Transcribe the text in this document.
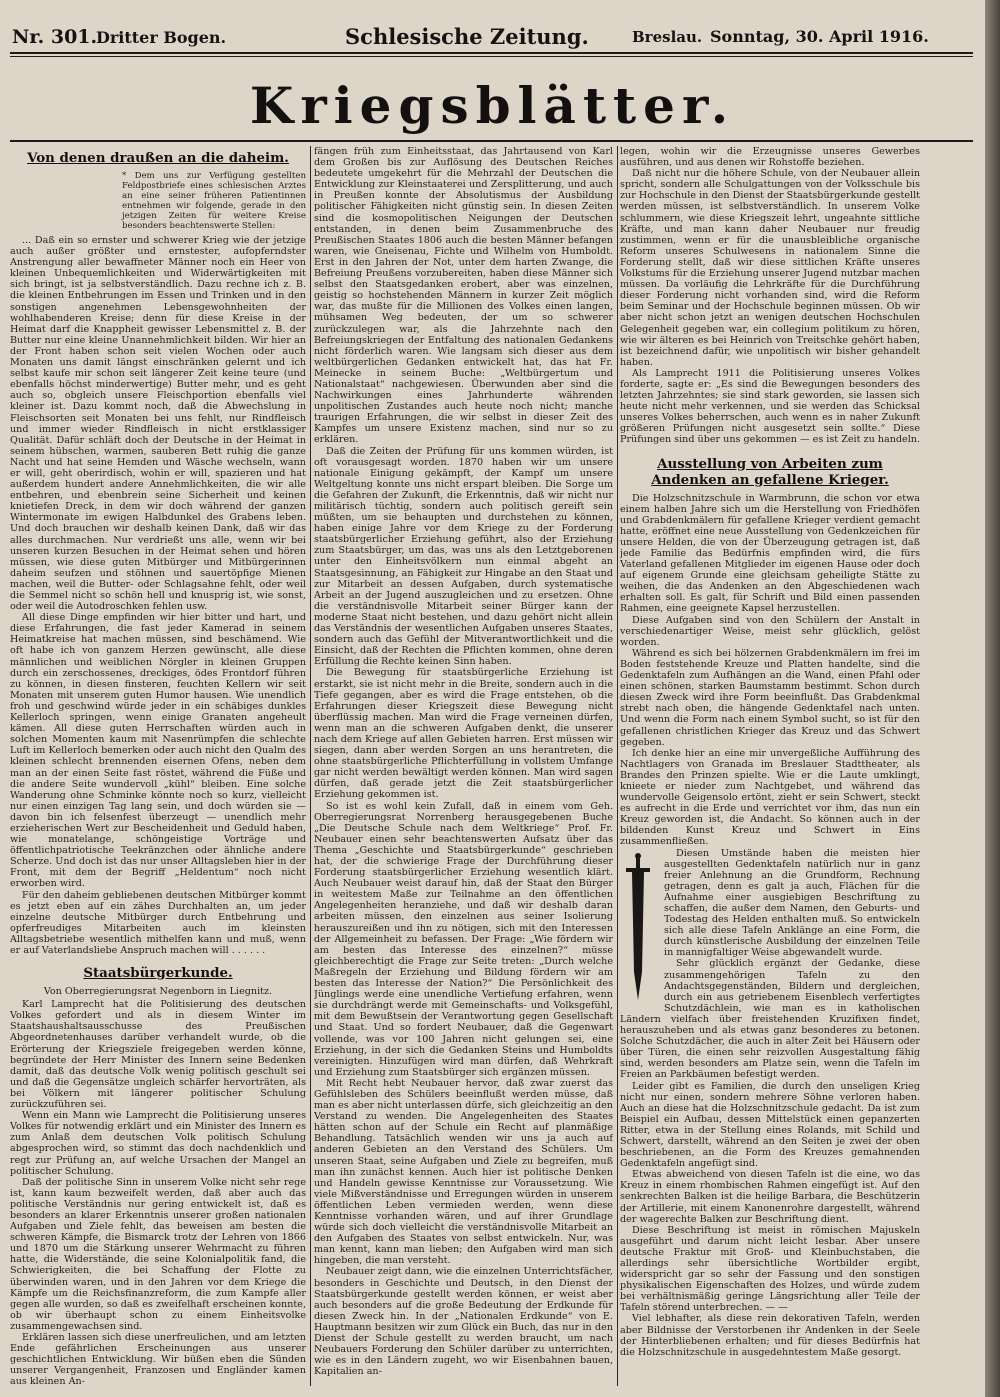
Nr. 301.
Dritter Bogen.	Schlesische Zeitung.	Breslau. Sonntag, 30. April 1916.
Kriegsblätter.
Von denen draußen an die daheim.

* Dem uns zur Verfügung gestellten Feldpostbriefe eines schlesischen Arztes an eine seiner früheren Patientinnen entnehmen wir folgende, gerade in den jetzigen Zeiten für weitere Kreise besonders beachtenswerte Stellen:

... Daß ein so ernster und schwerer Krieg wie der jetzige auch außer größter und ernstester, aufopferndster Anstrengung aller bewaffneter Männer noch ein Heer von kleinen Unbequemlichkeiten und Widerwärtigkeiten mit sich bringt, ist ja selbstverständlich. Dazu rechne ich z. B. die kleinen Entbehrungen im Essen und Trinken und in den sonstigen angenehmen Lebensgewohnheiten der wohlhabenderen Kreise; denn für diese Kreise in der Heimat darf die Knappheit gewisser Lebensmittel z. B. der Butter nur eine kleine Unannehmlichkeit bilden. Wir hier an der Front haben schon seit vielen Wochen oder auch Monaten uns damit längst einschränken gelernt und ich selbst kaufe mir schon seit längerer Zeit keine teure (und ebenfalls höchst minderwertige) Butter mehr, und es geht auch so, obgleich unsere Fleischportion ebenfalls viel kleiner ist. Dazu kommt noch, daß die Abwechslung in Fleischsorten seit Monaten bei uns fehlt, nur Rindfleisch und immer wieder Rindfleisch in nicht erstklassiger Qualität. Dafür schläft doch der Deutsche in der Heimat in seinem hübschen, warmen, sauberen Bett ruhig die ganze Nacht und hat seine Hemden und Wäsche wechseln, wann er will, geht oberirdisch, wohin er will, spazieren und hat außerdem hundert andere Annehmlichkeiten, die wir alle entbehren, und ebenbrein seine Sicherheit und keinen knietiefen Dreck, in dem wir doch während der ganzen Wintermonate im ewigen Halbdunkel des Grabens leben. Und doch brauchen wir deshalb keinen Dank, daß wir das alles durchmachen. Nur verdrießt uns alle, wenn wir bei unseren kurzen Besuchen in der Heimat sehen und hören müssen, wie diese guten Mitbürger und Mitbürgerinnen daheim seufzen und stöhnen und sauertöpfige Mienen machen, weil die Butter- oder Schlagsahne fehlt, oder weil die Semmel nicht so schön hell und knusprig ist, wie sonst, oder weil die Autodroschken fehlen usw.

All diese Dinge empfinden wir hier bitter und hart, und diese Erfahrungen, die fast jeder Kamerad in seinem Heimatkreise hat machen müssen, sind beschämend. Wie oft habe ich von ganzem Herzen gewünscht, alle diese männlichen und weiblichen Nörgler in kleinen Gruppen durch ein zerschossenes, dreckiges, ödes Frontdorf führen zu können, in diesen finsteren, feuchten Kellern wir seit Monaten mit unserem guten Humor hausen. Wie unendlich froh und geschwind würde jeder in ein schäbiges dunkles Kellerloch springen, wenn einige Granaten angeheult kämen. All diese guten Herrschaften würden auch in solchen Momenten kaum mit Nasenrümpfen die schlechte Luft im Kellerloch bemerken oder auch nicht den Qualm des kleinen schlecht brennenden eisernen Ofens, neben dem man an der einen Seite fast röstet, während die Füße und die andere Seite wundervoll „kühl“ bleiben. Eine solche Wanderung ohne Schminke könnte noch so kurz, vielleicht nur einen einzigen Tag lang sein, und doch würden sie — davon bin ich felsenfest überzeugt — unendlich mehr erzieherischen Wert zur Bescheidenheit und Geduld haben, wie monatelange, schöngeistige Vorträge und öffentlichpatriotische Teekränzchen oder ähnliche andere Scherze. Und doch ist das nur unser Alltagsleben hier in der Front, mit dem der Begriff „Heldentum“ noch nicht erworben wird.

Für den daheim gebliebenen deutschen Mitbürger kommt es jetzt eben auf ein zähes Durchhalten an, um jeder einzelne deutsche Mitbürger durch Entbehrung und opferfreudiges Mitarbeiten auch im kleinsten Alltagsbetriebe wesentlich mithelfen kann und muß, wenn er auf Vaterlandsliebe Anspruch machen will . . . . . .

Staatsbürgerkunde.

Von Oberregierungsrat Negenborn in Liegnitz.

Karl Lamprecht hat die Politisierung des deutschen Volkes gefordert und als in diesem Winter im Staatshaushaltsausschusse des Preußischen Abgeordnetenhauses darüber verhandelt wurde, ob die Erörterung der Kriegsziele freigegeben werden könne, begründete der Herr Minister des Innern seine Bedenken damit, daß das deutsche Volk wenig politisch geschult sei und daß die Gegensätze ungleich schärfer hervorträten, als bei Völkern mit längerer politischer Schulung zurückzuführen sei.

Wenn ein Mann wie Lamprecht die Politisierung unseres Volkes für notwendig erklärt und ein Minister des Innern es zum Anlaß dem deutschen Volk politisch Schulung abgesprochen wird, so stimmt das doch nachdenklich und regt zur Prüfung an, auf welche Ursachen der Mangel an politischer Schulung.

Daß der politische Sinn in unserem Volke nicht sehr rege ist, kann kaum bezweifelt werden, daß aber auch das politische Verständnis nur gering entwickelt ist, daß es besonders an klarer Erkenntnis unserer großen nationalen Aufgaben und Ziele fehlt, das beweisen am besten die schweren Kämpfe, die Bismarck trotz der Lehren von 1866 und 1870 um die Stärkung unserer Wehrmacht zu führen hatte, die Widerstände, die seine Kolonialpolitik fand, die Schwierigkeiten, die bei Schaffung der Flotte zu überwinden waren, und in den Jahren vor dem Kriege die Kämpfe um die Reichsfinanzreform, die zum Kampfe aller gegen alle wurden, so daß es zweifelhaft erscheinen konnte, ob wir überhaupt schon zu einem Einheitsvolke zusammengewachsen sind.

Erklären lassen sich diese unerfreulichen, und am letzten Ende gefährlichen Erscheinungen aus unserer geschichtlichen Entwicklung. Wir büßen eben die Sünden unserer Vergangenheit, Franzosen und Engländer kamen aus kleinen An-

fängen früh zum Einheitsstaat, das Jahrtausend von Karl dem Großen bis zur Auflösung des Deutschen Reiches bedeutete umgekehrt für die Mehrzahl der Deutschen die Entwicklung zur Kleinstaaterei und Zersplitterung, und auch in Preußen konnte der Absolutismus der Ausbildung politischer Fähigkeiten nicht günstig sein. In diesen Zeiten sind die kosmopolitischen Neigungen der Deutschen entstanden, in denen beim Zusammenbruche des Preußischen Staates 1806 auch die besten Männer befangen waren, wie Gneisenau, Fichte und Wilhelm von Humboldt. Erst in den Jahren der Not, unter dem harten Zwange, die Befreiung Preußens vorzubereiten, haben diese Männer sich selbst den Staatsgedanken erobert, aber was einzelnen, geistig so hochstehenden Männern in kurzer Zeit möglich war, das mußte für die Millionen des Volkes einen langen, mühsamen Weg bedeuten, der um so schwerer zurückzulegen war, als die Jahrzehnte nach den Befreiungskriegen der Entfaltung des nationalen Gedankens nicht förderlich waren. Wie langsam sich dieser aus dem weltbürgerlichen Gedanken entwickelt hat, das hat Fr. Meinecke in seinem Buche: „Weltbürgertum und Nationalstaat“ nachgewiesen. Überwunden aber sind die Nachwirkungen eines Jahrhunderte währenden unpolitischen Zustandes auch heute noch nicht; manche traurigen Erfahrungen, die wir selbst in dieser Zeit des Kampfes um unsere Existenz machen, sind nur so zu erklären.

Daß die Zeiten der Prüfung für uns kommen würden, ist oft vorausgesagt worden. 1870 haben wir um unsere nationale Einigung gekämpft, der Kampf um unsere Weltgeltung konnte uns nicht erspart bleiben. Die Sorge um die Gefahren der Zukunft, die Erkenntnis, daß wir nicht nur militärisch tüchtig, sondern auch politisch gereift sein müßten, um sie behaupten und durchstehen zu können, haben einige Jahre vor dem Kriege zu der Forderung staatsbürgerlicher Erziehung geführt, also der Erziehung zum Staatsbürger, um das, was uns als den Letztgeborenen unter den Einheitsvölkern nun einmal abgeht an Staatsgesinnung, an Fähigkeit zur Hingabe an den Staat und zur Mitarbeit an dessen Aufgaben, durch systematische Arbeit an der Jugend auszugleichen und zu ersetzen. Ohne die verständnisvolle Mitarbeit seiner Bürger kann der moderne Staat nicht bestehen, und dazu gehört nicht allein das Verständnis der wesentlichen Aufgaben unseres Staates, sondern auch das Gefühl der Mitverantwortlichkeit und die Einsicht, daß der Rechten die Pflichten kommen, ohne deren Erfüllung die Rechte keinen Sinn haben.

Die Bewegung für staatsbürgerliche Erziehung ist erstarkt, sie ist nicht mehr in die Breite, sondern auch in die Tiefe gegangen, aber es wird die Frage entstehen, ob die Erfahrungen dieser Kriegszeit diese Bewegung nicht überflüssig machen. Man wird die Frage verneinen dürfen, wenn man an die schweren Aufgaben denkt, die unserer nach dem Kriege auf allen Gebieten harren. Erst müssen wir siegen, dann aber werden Sorgen an uns herantreten, die ohne staatsbürgerliche Pflichterfüllung in vollstem Umfange gar nicht werden bewältigt werden können. Man wird sagen dürfen, daß gerade jetzt die Zeit staatsbürgerlicher Erziehung gekommen ist.

So ist es wohl kein Zufall, daß in einem vom Geh. Oberregierungsrat Norrenberg herausgegebenen Buche „Die Deutsche Schule nach dem Weltkriege“ Prof. Fr. Neubauer einen sehr beachtenswerten Aufsatz über das Thema „Geschichte und Staatsbürgerkunde“ geschrieben hat, der die schwierige Frage der Durchführung dieser Forderung staatsbürgerlicher Erziehung wesentlich klärt. Auch Neubauer weist darauf hin, daß der Staat den Bürger in weitestem Maße zur Teilnahme an den öffentlichen Angelegenheiten heranziehe, und daß wir deshalb daran arbeiten müssen, den einzelnen aus seiner Isolierung herauszureißen und ihn zu nötigen, sich mit den Interessen der Allgemeinheit zu befassen. Der Frage: „Wie fördern wir am besten das Interesse des einzelnen?“ müsse gleichberechtigt die Frage zur Seite treten: „Durch welche Maßregeln der Erziehung und Bildung fördern wir am besten das Interesse der Nation?“ Die Persönlichkeit des Jünglings werde eine unendliche Vertiefung erfahren, wenn sie durchdrängt werde mit Gemeinschafts- und Volksgefühl, mit dem Bewußtsein der Verantwortung gegen Gesellschaft und Staat. Und so fordert Neubauer, daß die Gegenwart vollende, was vor 100 Jahren nicht gelungen sei, eine Erziehung, in der sich die Gedanken Steins und Humboldts vereinigten. Hinzufügen wird man dürfen, daß Wehrkraft und Erziehung zum Staatsbürger sich ergänzen müssen.

Mit Recht hebt Neubauer hervor, daß zwar zuerst das Gefühlsleben des Schülers beeinflußt werden müsse, daß man es aber nicht unterlassen dürfe, sich gleichzeitig an den Verstand zu wenden. Die Angelegenheiten des Staates hätten schon auf der Schule ein Recht auf planmäßige Behandlung. Tatsächlich wenden wir uns ja auch auf anderen Gebieten an den Verstand des Schülers. Um unseren Staat, seine Aufgaben und Ziele zu begreifen, muß man ihn zunächst kennen. Auch hier ist politische Denken und Handeln gewisse Kenntnisse zur Voraussetzung. Wie viele Mißverständnisse und Erregungen würden in unserem öffentlichen Leben vermieden werden, wenn diese Kenntnisse vorhanden wären, und auf ihrer Grundlage würde sich doch vielleicht die verständnisvolle Mitarbeit an den Aufgaben des Staates von selbst entwickeln. Nur, was man kennt, kann man lieben; den Aufgaben wird man sich hingeben, die man versteht.

Neubauer zeigt dann, wie die einzelnen Unterrichtsfächer, besonders in Geschichte und Deutsch, in den Dienst der Staatsbürgerkunde gestellt werden können, er weist aber auch besonders auf die große Bedeutung der Erdkunde für diesen Zweck hin. In der „Nationalen Erdkunde“ von E. Hauptmann besitzen wir zum Glück ein Buch, das nur in den Dienst der Schule gestellt zu werden braucht, um nach Neubauers Forderung den Schüler darüber zu unterrichten, wie es in den Ländern zugeht, wo wir Eisenbahnen bauen, Kapitalien an-

legen, wohin wir die Erzeugnisse unseres Gewerbes ausführen, und aus denen wir Rohstoffe beziehen.

Daß nicht nur die höhere Schule, von der Neubauer allein spricht, sondern alle Schulgattungen von der Volksschule bis zur Hochschule in den Dienst der Staatsbürgerkunde gestellt werden müssen, ist selbstverständlich. In unserem Volke schlummern, wie diese Kriegszeit lehrt, ungeahnte sittliche Kräfte, und man kann daher Neubauer nur freudig zustimmen, wenn er für die unausbleibliche organische Reform unseres Schulwesens in nationalem Sinne die Forderung stellt, daß wir diese sittlichen Kräfte unseres Volkstums für die Erziehung unserer Jugend nutzbar machen müssen. Da vorläufig die Lehrkräfte für die Durchführung dieser Forderung nicht vorhanden sind, wird die Reform beim Seminar und der Hochschule beginnen müssen. Ob wir aber nicht schon jetzt an wenigen deutschen Hochschulen Gelegenheit gegeben war, ein collegium politikum zu hören, wie wir älteren es bei Heinrich von Treitschke gehört haben, ist bezeichnend dafür, wie unpolitisch wir bisher gehandelt haben.

Als Lamprecht 1911 die Politisierung unseres Volkes forderte, sagte er: „Es sind die Bewegungen besonders des letzten Jahrzehntes; sie sind stark geworden, sie lassen sich heute nicht mehr verkennen, und sie werden das Schicksal unseres Volkes beherrschen, auch wenn es in naher Zukunft größeren Prüfungen nicht ausgesetzt sein sollte.“ Diese Prüfungen sind über uns gekommen — es ist Zeit zu handeln.

Ausstellung von Arbeiten zum Andenken an gefallene Krieger.

Die Holzschnitzschule in Warmbrunn, die schon vor etwa einem halben Jahre sich um die Herstellung von Friedhöfen und Grabdenkmälern für gefallene Krieger verdient gemacht hatte, eröffnet eine neue Ausstellung von Gedenkzeichen für unsere Helden, die von der Überzeugung getragen ist, daß jede Familie das Bedürfnis empfinden wird, die fürs Vaterland gefallenen Mitglieder im eigenen Hause oder doch auf eigenem Grunde eine gleichsam geheiligte Stätte zu weihen, die das Andenken an den Abgeschiedenen wach erhalten soll. Es galt, für Schrift und Bild einen passenden Rahmen, eine geeignete Kapsel herzustellen.

Diese Aufgaben sind von den Schülern der Anstalt in verschiedenartiger Weise, meist sehr glücklich, gelöst worden.

Während es sich bei hölzernen Grabdenkmälern im frei im Boden feststehende Kreuze und Platten handelte, sind die Gedenktafeln zum Aufhängen an die Wand, einen Pfahl oder einen schönen, starken Baumstamm bestimmt. Schon durch diesen Zweck wird ihre Form beeinflußt. Das Grabdenkmal strebt nach oben, die hängende Gedenktafel nach unten. Und wenn die Form nach einem Symbol sucht, so ist für den gefallenen christlichen Krieger das Kreuz und das Schwert gegeben.

Ich denke hier an eine mir unvergeßliche Aufführung des Nachtlagers von Granada im Breslauer Stadttheater, als Brandes den Prinzen spielte. Wie er die Laute umklingt, knieete er nieder zum Nachtgebet, und während das wundervolle Geigensolo ertönt, zieht er sein Schwert, steckt es aufrecht in die Erde und verrichtet vor ihm, das nun ein Kreuz geworden ist, die Andacht. So können auch in der bildenden Kunst Kreuz und Schwert in Eins zusammenfließen.

Diesen Umstände haben die meisten hier ausgestellten Gedenktafeln natürlich nur in ganz freier Anlehnung an die Grundform, Rechnung getragen, denn es galt ja auch, Flächen für die Aufnahme einer ausgiebigen Beschriftung zu schaffen, die außer dem Namen, den Geburts- und Todestag des Helden enthalten muß. So entwickeln sich alle diese Tafeln Anklänge an eine Form, die durch künstlerische Ausbildung der einzelnen Teile in mannigfaltiger Weise abgewandelt wurde.

Sehr glücklich ergänzt der Gedanke, diese zusammengehörigen Tafeln zu den Andachtsgegenständen, Bildern und dergleichen, durch ein aus getriebenem Eisenblech verfertigtes Schutzdächlein, wie man es in katholischen Ländern vielfach über freistehenden Kruzifixen findet, herauszuheben und als etwas ganz besonderes zu betonen. Solche Schutzdächer, die auch in alter Zeit bei Häusern oder über Türen, die einen sehr reizvollen Ausgestaltung fähig sind, werden besonders am Platze sein, wenn die Tafeln im Freien an Parkbäumen befestigt werden.

Leider gibt es Familien, die durch den unseligen Krieg nicht nur einen, sondern mehrere Söhne verloren haben. Auch an diese hat die Holzschnitzschule gedacht. Da ist zum Beispiel ein Aufbau, dessen Mittelstück einen gepanzerten Ritter, etwa in der Stellung eines Rolands, mit Schild und Schwert, darstellt, während an den Seiten je zwei der oben beschriebenen, an die Form des Kreuzes gemahnenden Gedenktafeln angefügt sind.

Etwas abweichend von diesen Tafeln ist die eine, wo das Kreuz in einem rhombischen Rahmen eingefügt ist. Auf den senkrechten Balken ist die heilige Barbara, die Beschützerin der Artillerie, mit einem Kanonenrohre dargestellt, während der wagerechte Balken zur Beschriftung dient.

Diese Beschriftung ist meist in römischen Majuskeln ausgeführt und darum nicht leicht lesbar. Aber unsere deutsche Fraktur mit Groß- und Kleinbuchstaben, die allerdings sehr übersichtliche Wortbilder ergibt, widerspricht gar so sehr der Fassung und den sonstigen physikalischen Eigenschaften des Holzes, und würde zudem bei verhältnismäßig geringe Längsrichtung aller Teile der Tafeln störend unterbrechen. — —

Viel lebhafter, als diese rein dekorativen Tafeln, werden aber Bildnisse der Verstorbenen ihr Andenken in der Seele der Hinterbliebenen erhalten; und für dieses Bedürfnis hat die Holzschnitzschule in ausgedehntestem Maße gesorgt.
